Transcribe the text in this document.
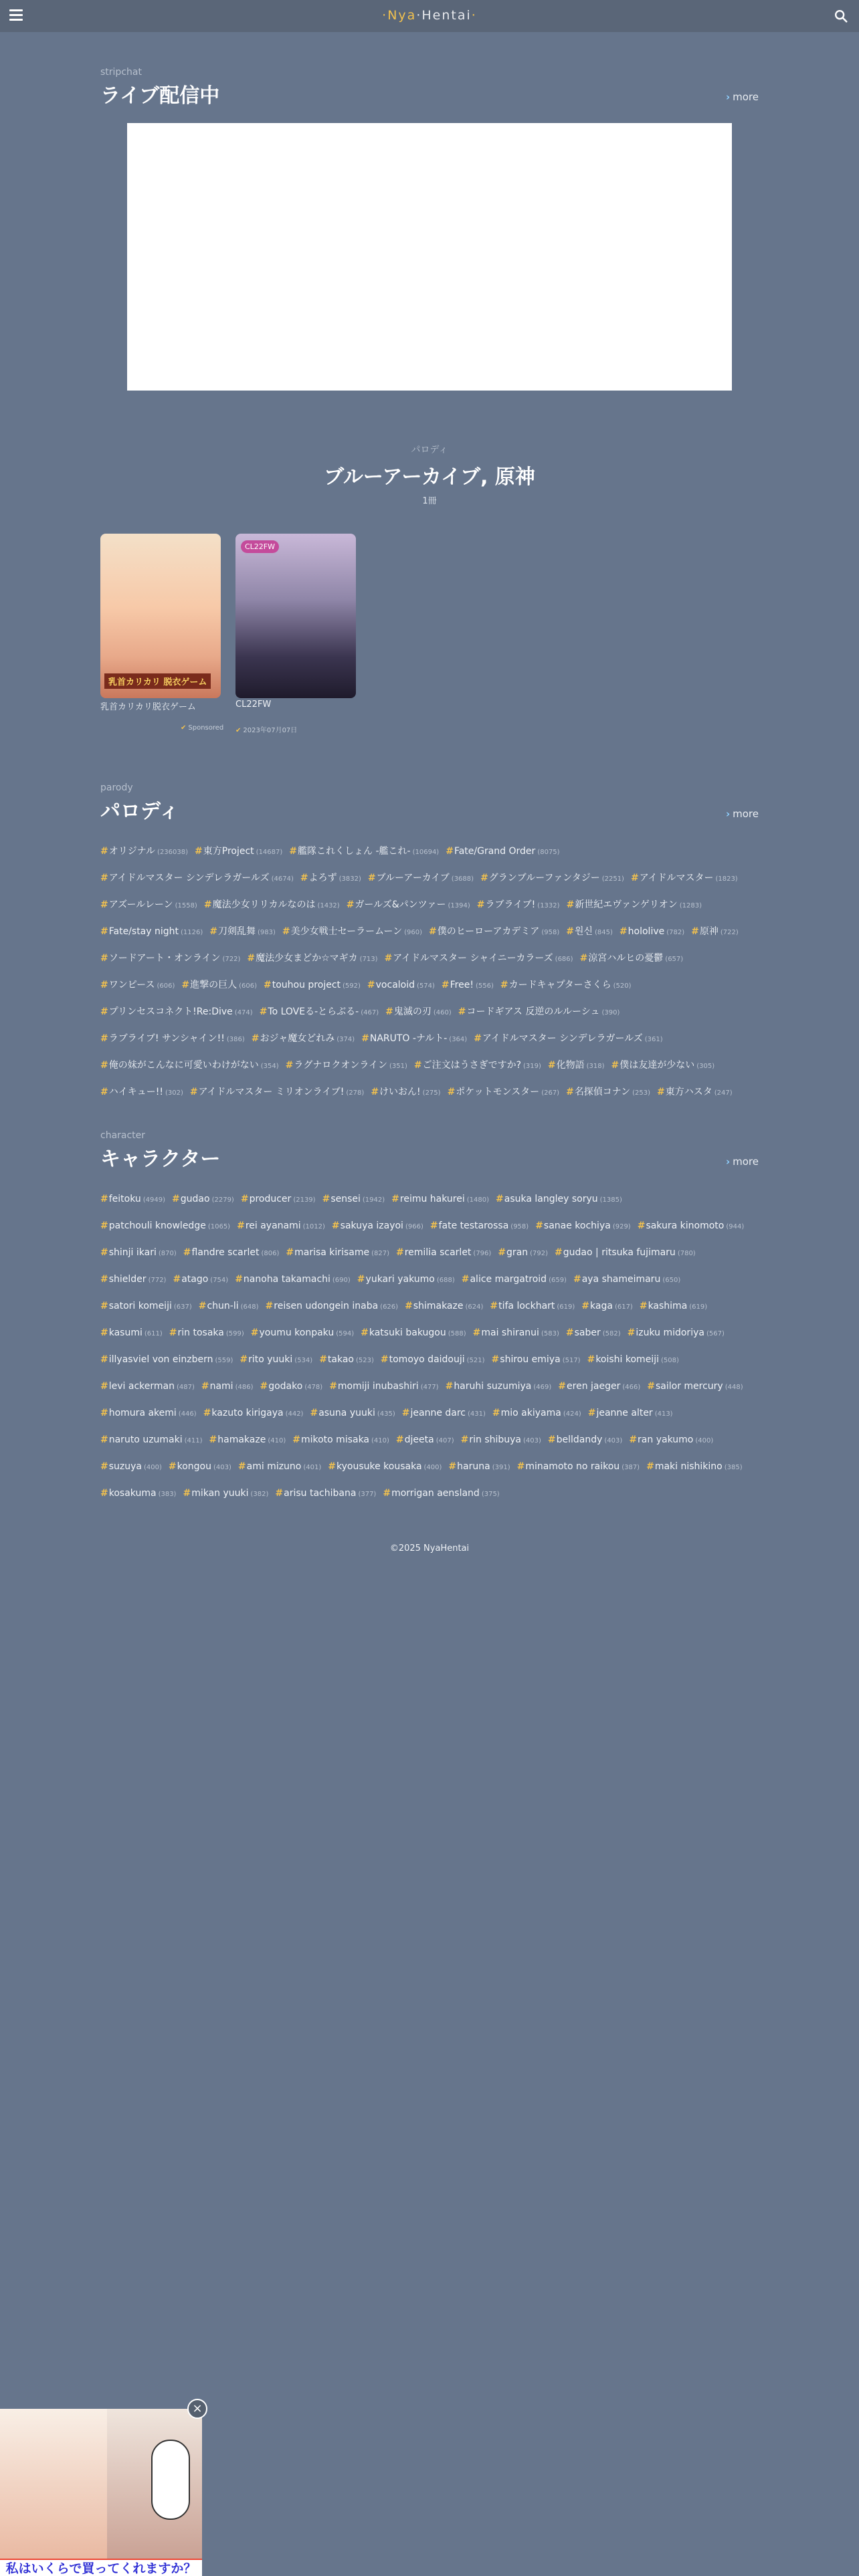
·Nya·Hentai·
stripchat
ライブ配信中	› more
パロディ
ブルーアーカイブ, 原神
1冊
乳首カリカリ 脱衣ゲーム
乳首カリカリ脱衣ゲーム
CL22FW
CL22FW
✔ Sponsored ✔ 2023年07月07日
parody
パロディ	› more
#オリジナル (236038) #東方Project (14687) #艦隊これくしょん -艦これ- (10694) #Fate/Grand Order (8075)#アイドルマスター シンデレラガールズ (4674) #よろず (3832) #ブルーアーカイブ (3688) #グランブルーファンタジー (2251) #アイドルマスター (1823)#アズールレーン (1558) #魔法少女リリカルなのは (1432) #ガールズ&パンツァー (1394) #ラブライブ! (1332) #新世紀エヴァンゲリオン (1283)#Fate/stay night (1126) #刀剣乱舞 (983) #美少女戦士セーラームーン (960) #僕のヒーローアカデミア (958) #원신 (845) #hololive (782) #原神 (722)#ソードアート・オンライン (722) #魔法少女まどか☆マギカ (713) #アイドルマスター シャイニーカラーズ (686) #涼宮ハルヒの憂鬱 (657)#ワンピース (606) #進撃の巨人 (606) #touhou project (592) #vocaloid (574) #Free! (556) #カードキャプターさくら (520)#プリンセスコネクト!Re:Dive (474) #To LOVEる-とらぶる- (467) #鬼滅の刃 (460) #コードギアス 反逆のルルーシュ (390)#ラブライブ! サンシャイン!! (386) #おジャ魔女どれみ (374) #NARUTO -ナルト- (364) #アイドルマスター シンデレラガールズ (361)#俺の妹がこんなに可愛いわけがない (354) #ラグナロクオンライン (351) #ご注文はうさぎですか? (319) #化物語 (318) #僕は友達が少ない (305)#ハイキュー!! (302) #アイドルマスター ミリオンライブ! (278) #けいおん! (275) #ポケットモンスター (267) #名探偵コナン (253) #東方ハスタ (247)
character
キャラクター	› more
#feitoku (4949) #gudao (2279) #producer (2139) #sensei (1942) #reimu hakurei (1480) #asuka langley soryu (1385)#patchouli knowledge (1065) #rei ayanami (1012) #sakuya izayoi (966) #fate testarossa (958) #sanae kochiya (929) #sakura kinomoto (944)#shinji ikari (870) #flandre scarlet (806) #marisa kirisame (827) #remilia scarlet (796) #gran (792) #gudao | ritsuka fujimaru (780)#shielder (772) #atago (754) #nanoha takamachi (690) #yukari yakumo (688) #alice margatroid (659) #aya shameimaru (650)#satori komeiji (637) #chun-li (648) #reisen udongein inaba (626) #shimakaze (624) #tifa lockhart (619) #kaga (617) #kashima (619)#kasumi (611) #rin tosaka (599) #youmu konpaku (594) #katsuki bakugou (588) #mai shiranui (583) #saber (582) #izuku midoriya (567)#illyasviel von einzbern (559) #rito yuuki (534) #takao (523) #tomoyo daidouji (521) #shirou emiya (517) #koishi komeiji (508)#levi ackerman (487) #nami (486) #godako (478) #momiji inubashiri (477) #haruhi suzumiya (469) #eren jaeger (466) #sailor mercury (448)#homura akemi (446) #kazuto kirigaya (442) #asuna yuuki (435) #jeanne darc (431) #mio akiyama (424) #jeanne alter (413)#naruto uzumaki (411) #hamakaze (410) #mikoto misaka (410) #djeeta (407) #rin shibuya (403) #belldandy (403) #ran yakumo (400)#suzuya (400) #kongou (403) #ami mizuno (401) #kyousuke kousaka (400) #haruna (391) #minamoto no raikou (387) #maki nishikino (385)#kosakuma (383) #mikan yuuki (382) #arisu tachibana (377) #morrigan aensland (375)
©2025 NyaHentai
私はいくらで買ってくれますか？
×
